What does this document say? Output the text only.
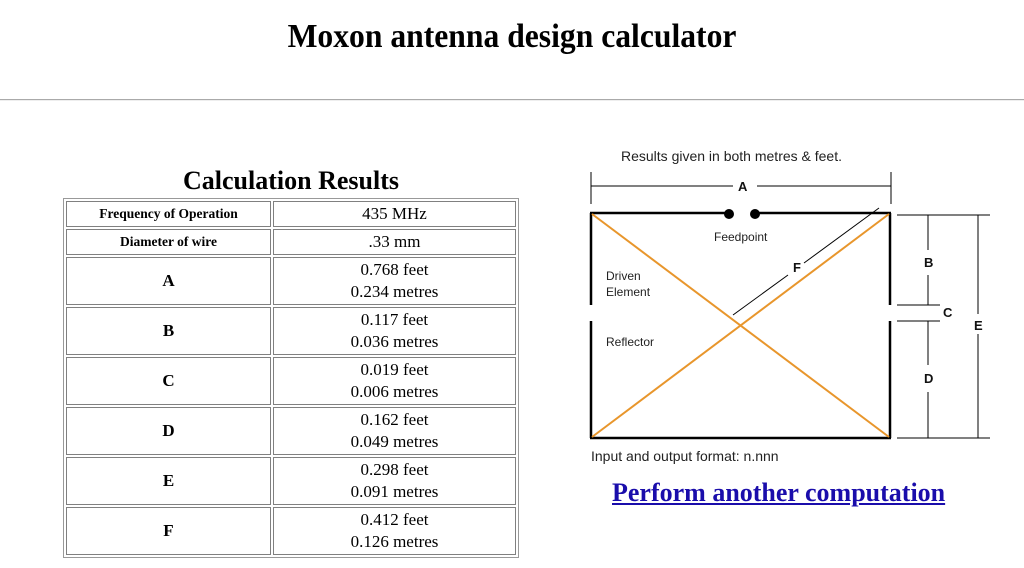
Moxon antenna design calculator
Calculation Results
Frequency of Operation	435 MHz
Diameter of wire	.33 mm
A	0.768 feet
0.234 metres

B	0.117 feet
0.036 metres

C	0.019 feet
0.006 metres

D	0.162 feet
0.049 metres

E	0.298 feet
0.091 metres

F	0.412 feet
0.126 metres
Results given in both metres & feet.
A
Feedpoint
F
Driven
Element
Reflector
B
C
D
E
Input and output format: n.nnn
Perform another computation
